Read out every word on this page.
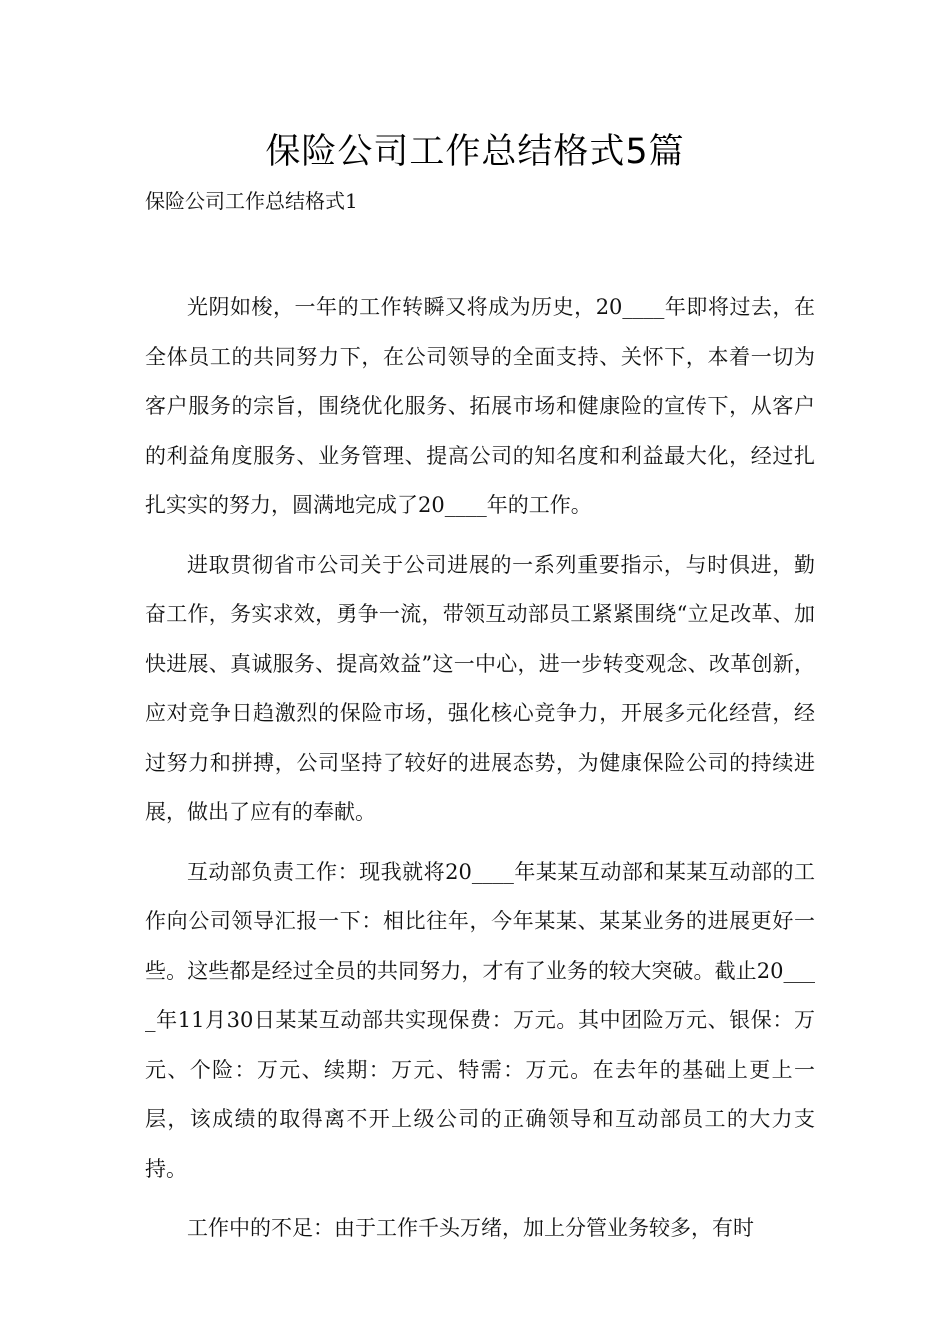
保险公司工作总结格式5篇

保险公司工作总结格式1

光阴如梭，一年的工作转瞬又将成为历史，20____年即将过去，在全体员工的共同努力下，在公司领导的全面支持、关怀下，本着一切为客户服务的宗旨，围绕优化服务、拓展市场和健康险的宣传下，从客户的利益角度服务、业务管理、提高公司的知名度和利益最大化，经过扎扎实实的努力，圆满地完成了20____年的工作。

进取贯彻省市公司关于公司进展的一系列重要指示，与时俱进，勤奋工作，务实求效，勇争一流，带领互动部员工紧紧围绕“立足改革、加快进展、真诚服务、提高效益”这一中心，进一步转变观念、改革创新，应对竞争日趋激烈的保险市场，强化核心竞争力，开展多元化经营，经过努力和拼搏，公司坚持了较好的进展态势，为健康保险公司的持续进展，做出了应有的奉献。

互动部负责工作：现我就将20____年某某互动部和某某互动部的工作向公司领导汇报一下：相比往年，今年某某、某某业务的进展更好一些。这些都是经过全员的共同努力，才有了业务的较大突破。截止20____年11月30日某某互动部共实现保费：万元。其中团险万元、银保：万元、个险：万元、续期：万元、特需：万元。在去年的基础上更上一层，该成绩的取得离不开上级公司的正确领导和互动部员工的大力支持。

工作中的不足：由于工作千头万绪，加上分管业务较多，有时
